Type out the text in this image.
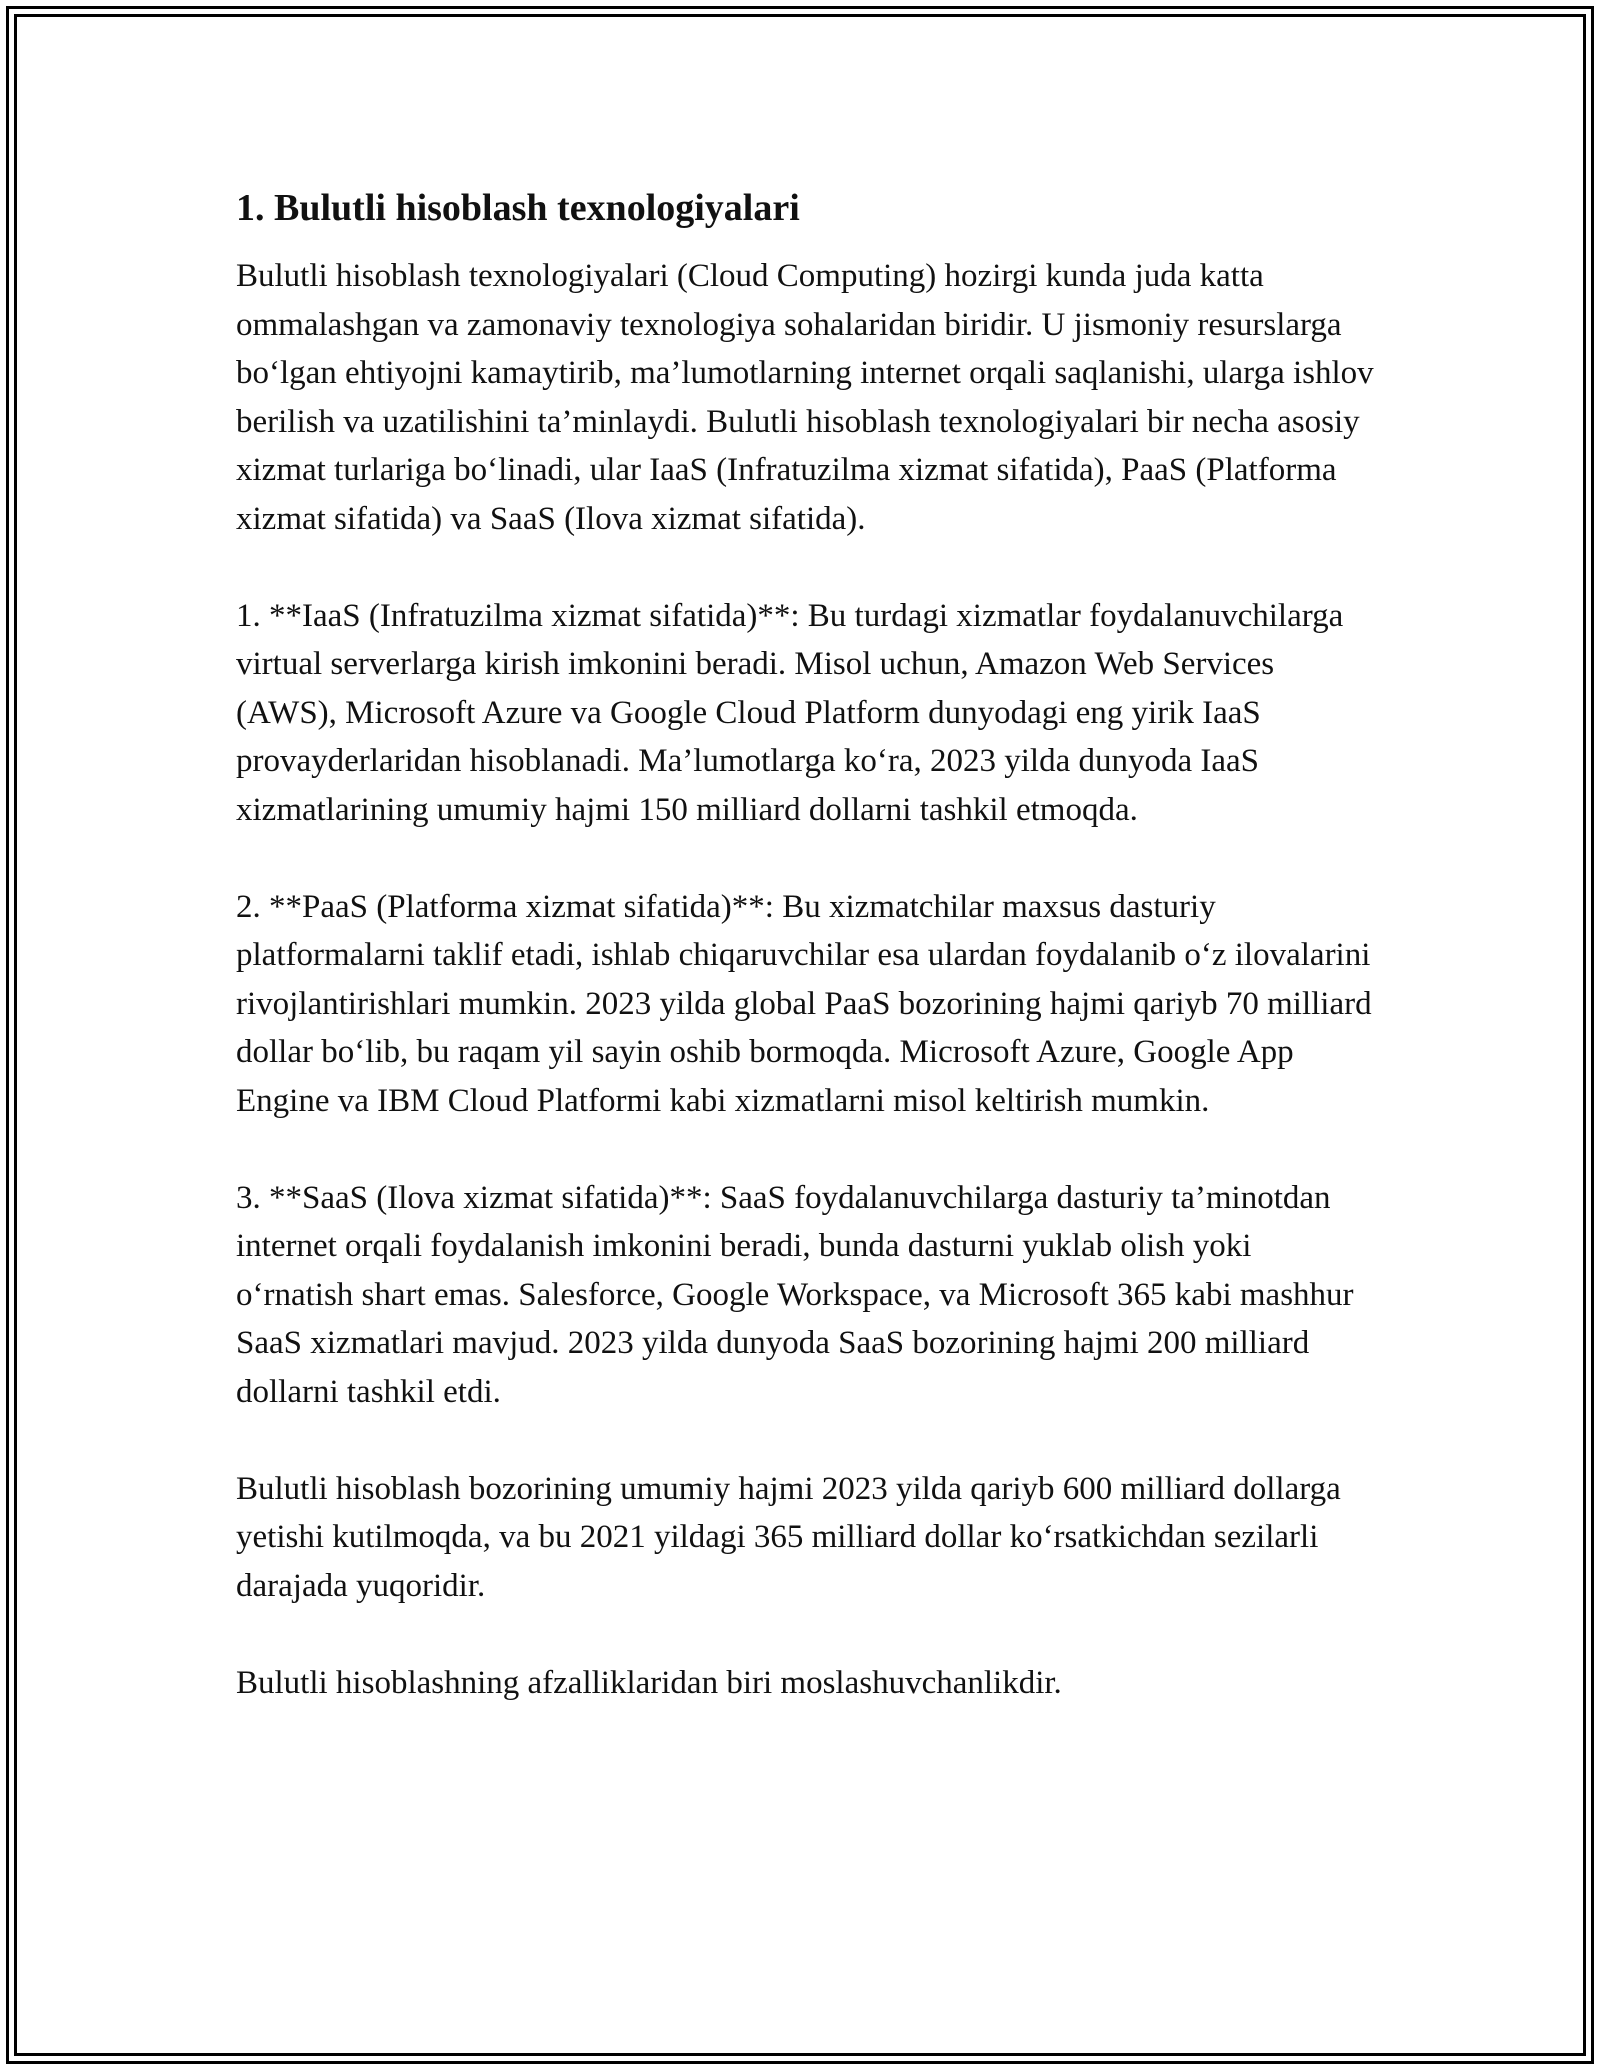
1. Bulutli hisoblash texnologiyalari

Bulutli hisoblash texnologiyalari (Cloud Computing) hozirgi kunda juda katta ommalashgan va zamonaviy texnologiya sohalaridan biridir. U jismoniy resurslarga bo‘lgan ehtiyojni kamaytirib, ma’lumotlarning internet orqali saqlanishi, ularga ishlov berilish va uzatilishini ta’minlaydi. Bulutli hisoblash texnologiyalari bir necha asosiy xizmat turlariga bo‘linadi, ular IaaS (Infratuzilma xizmat sifatida), PaaS (Platforma xizmat sifatida) va SaaS (Ilova xizmat sifatida).

1. **IaaS (Infratuzilma xizmat sifatida)**: Bu turdagi xizmatlar foydalanuvchilarga virtual serverlarga kirish imkonini beradi. Misol uchun, Amazon Web Services (AWS), Microsoft Azure va Google Cloud Platform dunyodagi eng yirik IaaS provayderlaridan hisoblanadi. Ma’lumotlarga ko‘ra, 2023 yilda dunyoda IaaS xizmatlarining umumiy hajmi 150 milliard dollarni tashkil etmoqda.

2. **PaaS (Platforma xizmat sifatida)**: Bu xizmatchilar maxsus dasturiy platformalarni taklif etadi, ishlab chiqaruvchilar esa ulardan foydalanib o‘z ilovalarini rivojlantirishlari mumkin. 2023 yilda global PaaS bozorining hajmi qariyb 70 milliard dollar bo‘lib, bu raqam yil sayin oshib bormoqda. Microsoft Azure, Google App Engine va IBM Cloud Platformi kabi xizmatlarni misol keltirish mumkin.

3. **SaaS (Ilova xizmat sifatida)**: SaaS foydalanuvchilarga dasturiy ta’minotdan internet orqali foydalanish imkonini beradi, bunda dasturni yuklab olish yoki o‘rnatish shart emas. Salesforce, Google Workspace, va Microsoft 365 kabi mashhur SaaS xizmatlari mavjud. 2023 yilda dunyoda SaaS bozorining hajmi 200 milliard dollarni tashkil etdi.

Bulutli hisoblash bozorining umumiy hajmi 2023 yilda qariyb 600 milliard dollarga yetishi kutilmoqda, va bu 2021 yildagi 365 milliard dollar ko‘rsatkichdan sezilarli darajada yuqoridir.

Bulutli hisoblashning afzalliklaridan biri moslashuvchanlikdir.
